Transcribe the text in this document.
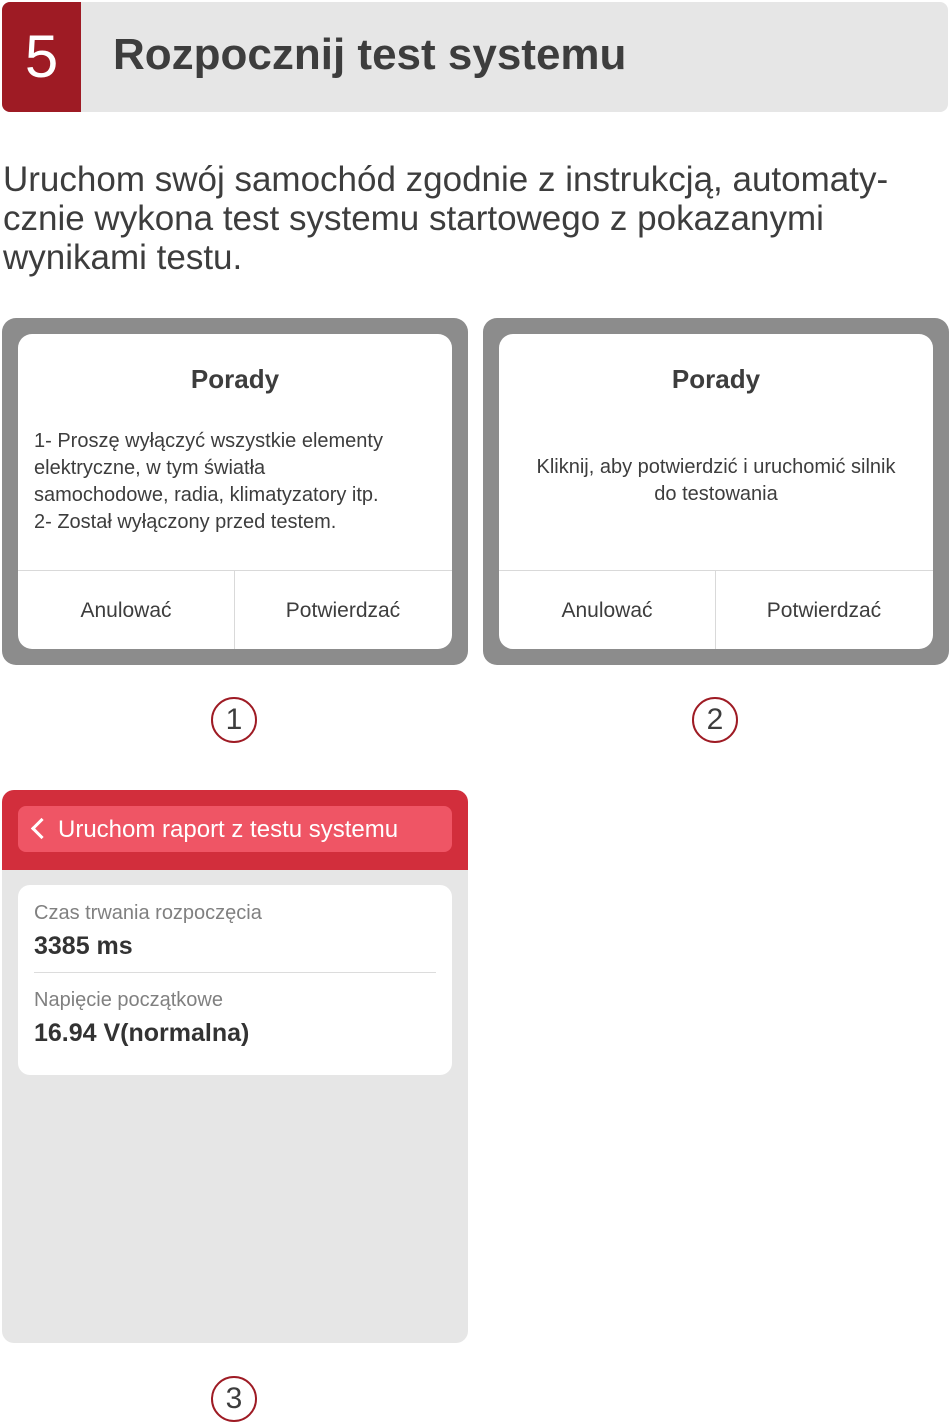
5	Rozpocznij test systemu
Uruchom swój samochód zgodnie z instrukcją, automaty-
cznie wykona test systemu startowego z pokazanymi
wynikami testu.
Porady
1- Proszę wyłączyć wszystkie elementy
elektryczne, w tym światła
samochodowe, radia, klimatyzatory itp.
2- Został wyłączony przed testem.
Anulować	Potwierdzać
Porady
Kliknij, aby potwierdzić i uruchomić silnik
do testowania
Anulować	Potwierdzać
1	2
Uruchom raport z testu systemu
Czas trwania rozpoczęcia
3385 ms
Napięcie początkowe
16.94 V(normalna)
3
